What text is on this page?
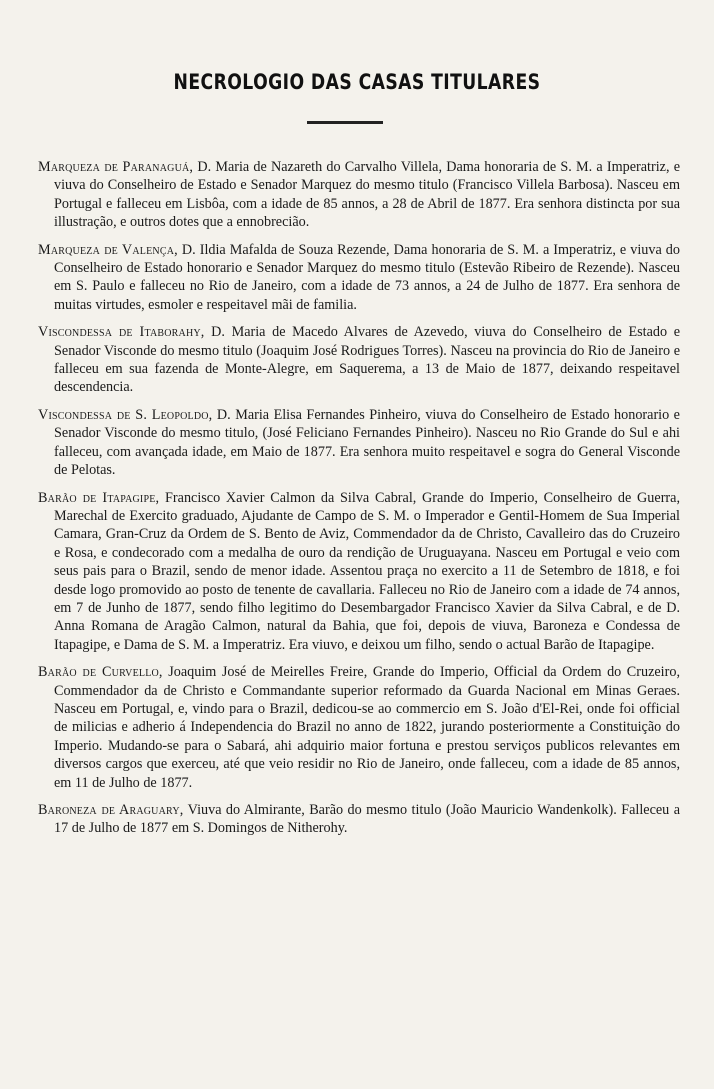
NECROLOGIO DAS CASAS TITULARES

Marqueza de Paranaguá, D. Maria de Nazareth do Carvalho Villela, Dama honoraria de S. M. a Imperatriz, e viuva do Conselheiro de Estado e Senador Marquez do mesmo titulo (Francisco Villela Barbosa). Nasceu em Portugal e falleceu em Lisbôa, com a idade de 85 annos, a 28 de Abril de 1877. Era senhora distincta por sua illustração, e outros dotes que a ennobrecião.

Marqueza de Valença, D. Ildia Mafalda de Souza Rezende, Dama honoraria de S. M. a Imperatriz, e viuva do Conselheiro de Estado honorario e Senador Marquez do mesmo titulo (Estevão Ribeiro de Rezende). Nasceu em S. Paulo e falleceu no Rio de Janeiro, com a idade de 73 annos, a 24 de Julho de 1877. Era senhora de muitas virtudes, esmoler e respeitavel mãi de familia.

Viscondessa de Itaborahy, D. Maria de Macedo Alvares de Azevedo, viuva do Conselheiro de Estado e Senador Visconde do mesmo titulo (Joaquim José Rodrigues Torres). Nasceu na provincia do Rio de Janeiro e falleceu em sua fazenda de Monte-Alegre, em Saquerema, a 13 de Maio de 1877, deixando respeitavel descendencia.

Viscondessa de S. Leopoldo, D. Maria Elisa Fernandes Pinheiro, viuva do Conselheiro de Estado honorario e Senador Visconde do mesmo titulo, (José Feliciano Fernandes Pinheiro). Nasceu no Rio Grande do Sul e ahi falleceu, com avançada idade, em Maio de 1877. Era senhora muito respeitavel e sogra do General Visconde de Pelotas.

Barão de Itapagipe, Francisco Xavier Calmon da Silva Cabral, Grande do Imperio, Conselheiro de Guerra, Marechal de Exercito graduado, Ajudante de Campo de S. M. o Imperador e Gentil-Homem de Sua Imperial Camara, Gran-Cruz da Ordem de S. Bento de Aviz, Commendador da de Christo, Cavalleiro das do Cruzeiro e Rosa, e condecorado com a medalha de ouro da rendição de Uruguayana. Nasceu em Portugal e veio com seus pais para o Brazil, sendo de menor idade. Assentou praça no exercito a 11 de Setembro de 1818, e foi desde logo promovido ao posto de tenente de cavallaria. Falleceu no Rio de Janeiro com a idade de 74 annos, em 7 de Junho de 1877, sendo filho legitimo do Desembargador Francisco Xavier da Silva Cabral, e de D. Anna Romana de Aragão Calmon, natural da Bahia, que foi, depois de viuva, Baroneza e Condessa de Itapagipe, e Dama de S. M. a Imperatriz. Era viuvo, e deixou um filho, sendo o actual Barão de Itapagipe.

Barão de Curvello, Joaquim José de Meirelles Freire, Grande do Imperio, Official da Ordem do Cruzeiro, Commendador da de Christo e Commandante superior reformado da Guarda Nacional em Minas Geraes. Nasceu em Portugal, e, vindo para o Brazil, dedicou-se ao commercio em S. João d'El-Rei, onde foi official de milicias e adherio á Independencia do Brazil no anno de 1822, jurando posteriormente a Constituição do Imperio. Mudando-se para o Sabará, ahi adquirio maior fortuna e prestou serviços publicos relevantes em diversos cargos que exerceu, até que veio residir no Rio de Janeiro, onde falleceu, com a idade de 85 annos, em 11 de Julho de 1877.

Baroneza de Araguary, Viuva do Almirante, Barão do mesmo titulo (João Mauricio Wandenkolk). Falleceu a 17 de Julho de 1877 em S. Domingos de Nitherohy.
